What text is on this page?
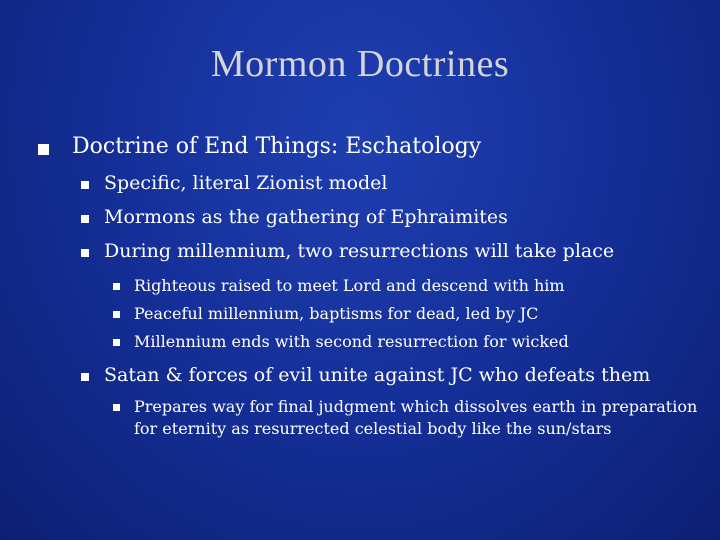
Mormon Doctrines
Doctrine of End Things: Eschatology
Specific, literal Zionist model
Mormons as the gathering of Ephraimites
During millennium, two resurrections will take place
Righteous raised to meet Lord and descend with him
Peaceful millennium, baptisms for dead, led by JC
Millennium ends with second resurrection for wicked
Satan & forces of evil unite against JC who defeats them
Prepares way for final judgment which dissolves earth in preparation
for eternity as resurrected celestial body like the sun/stars
